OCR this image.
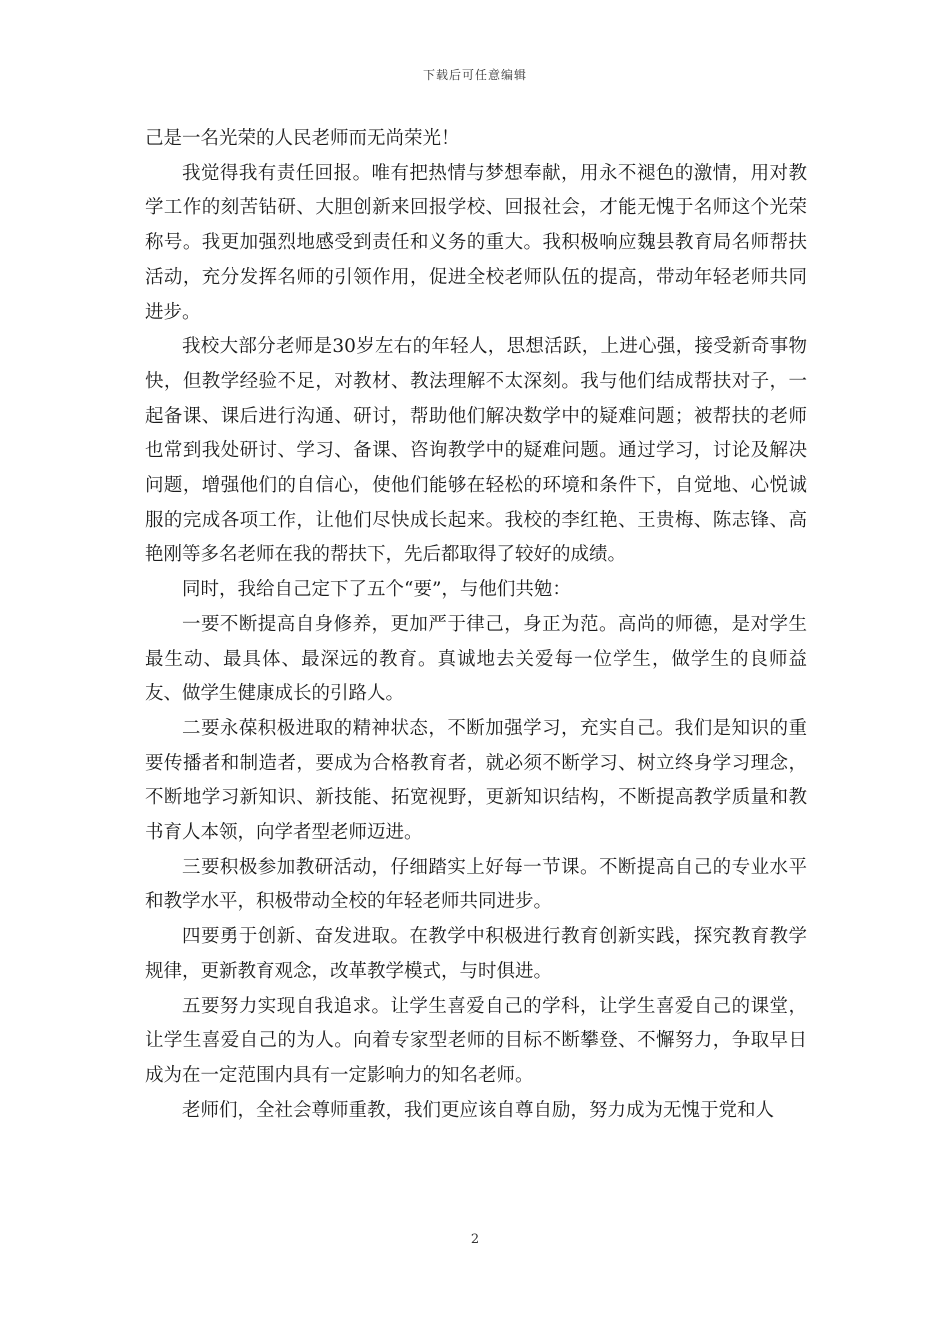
下载后可任意编辑

己是一名光荣的人民老师而无尚荣光！

我觉得我有责任回报。唯有把热情与梦想奉献，用永不褪色的激情，用对教学工作的刻苦钻研、大胆创新来回报学校、回报社会，才能无愧于名师这个光荣称号。我更加强烈地感受到责任和义务的重大。我积极响应魏县教育局名师帮扶活动，充分发挥名师的引领作用，促进全校老师队伍的提高，带动年轻老师共同进步。

我校大部分老师是30岁左右的年轻人，思想活跃，上进心强，接受新奇事物快，但教学经验不足，对教材、教法理解不太深刻。我与他们结成帮扶对子，一起备课、课后进行沟通、研讨，帮助他们解决数学中的疑难问题；被帮扶的老师也常到我处研讨、学习、备课、咨询教学中的疑难问题。通过学习，讨论及解决问题，增强他们的自信心，使他们能够在轻松的环境和条件下，自觉地、心悦诚服的完成各项工作，让他们尽快成长起来。我校的李红艳、王贵梅、陈志锋、高艳刚等多名老师在我的帮扶下，先后都取得了较好的成绩。

同时，我给自己定下了五个“要”，与他们共勉：

一要不断提高自身修养，更加严于律己，身正为范。高尚的师德，是对学生最生动、最具体、最深远的教育。真诚地去关爱每一位学生，做学生的良师益友、做学生健康成长的引路人。

二要永葆积极进取的精神状态，不断加强学习，充实自己。我们是知识的重要传播者和制造者，要成为合格教育者，就必须不断学习、树立终身学习理念，不断地学习新知识、新技能、拓宽视野，更新知识结构，不断提高教学质量和教书育人本领，向学者型老师迈进。

三要积极参加教研活动，仔细踏实上好每一节课。不断提高自己的专业水平和教学水平，积极带动全校的年轻老师共同进步。

四要勇于创新、奋发进取。在教学中积极进行教育创新实践，探究教育教学规律，更新教育观念，改革教学模式，与时俱进。

五要努力实现自我追求。让学生喜爱自己的学科，让学生喜爱自己的课堂，让学生喜爱自己的为人。向着专家型老师的目标不断攀登、不懈努力，争取早日成为在一定范围内具有一定影响力的知名老师。

老师们，全社会尊师重教，我们更应该自尊自励，努力成为无愧于党和人

2
